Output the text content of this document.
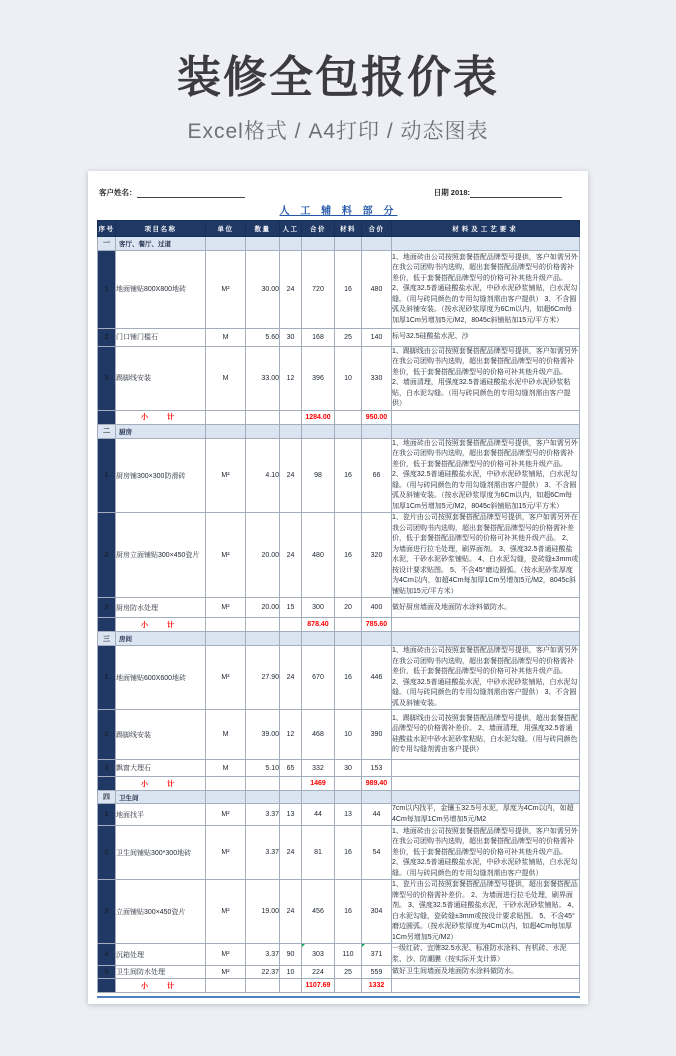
装修全包报价表
Excel格式 / A4打印 / 动态图表
客户姓名：	日期 2018:
人 工 辅 料 部 分
序号	项目名称	单位	数量	人工	合价	材料	合价	材料及工艺要求
一	客厅、餐厅、过道							
1	地面铺贴800X800地砖	M²	30.00	24	720	16	480	1、地面砖由公司按照套餐搭配品牌型号提供，客户如需另外在我公司团购书内选购，超出套餐搭配品牌型号的价格需补差价，低于套餐搭配品牌型号的价格可补其他升级产品。 2、强度32.5普通硅酸盐水泥，中砂水泥砂浆铺贴，白水泥勾缝。（用与砖同颜色的专用勾缝剂需由客户提供） 3、不含圆弧及斜铺安装。（按水泥砂浆厚度为6Cm以内，如超6Cm每加厚1Cm另增加5元/M2，8045c斜铺贴加15元/平方米）
2	门口铺门槛石	M	5.60	30	168	25	140	标号32.5硅酸盐水泥、沙
3	踢脚线安装	M	33.00	12	396	10	330	1、踢脚线由公司按照套餐搭配品牌型号提供，客户如需另外在我公司团购书内选购，超出套餐搭配品牌型号的价格需补差价，低于套餐搭配品牌型号的价格可补其他升级产品。 2、墙面清理，用强度32.5普通硅酸盐水泥中砂水泥砂浆粘贴，白水泥勾缝。（用与砖同颜色的专用勾缝剂需由客户提供）
	小　计				1284.00		950.00	
二	厨房							
1	厨房铺300×300防滑砖	M²	4.10	24	98	16	66	1、地面砖由公司按照套餐搭配品牌型号提供，客户如需另外在我公司团购书内选购，超出套餐搭配品牌型号的价格需补差价，低于套餐搭配品牌型号的价格可补其他升级产品。 2、强度32.5普通硅酸盐水泥，中砂水泥砂浆铺贴，白水泥勾缝。（用与砖同颜色的专用勾缝剂需由客户提供） 3、不含圆弧及斜铺安装。（按水泥砂浆厚度为6Cm以内，如超6Cm每加厚1Cm另增加5元/M2，8045c斜铺贴加15元/平方米）
2	厨房立面铺贴300×450瓷片	M²	20.00	24	480	16	320	1、瓷片由公司按照套餐搭配品牌型号提供，客户如需另外在我公司团购书内选购，超出套餐搭配品牌型号的价格需补差价，低于套餐搭配品牌型号的价格可补其他升级产品。 2、为墙面进行拉毛处理，刷界面剂。 3、强度32.5普通硅酸盐水泥，干砂水泥砂浆铺贴。 4、白水泥勾缝，瓷砖缝±3mm或按设计要求贴图。 5、不含45°磨边圆弧。（按水泥砂浆厚度为4Cm以内，如超4Cm每加厚1Cm另增加5元/M2，8045c斜铺贴加15元/平方米）
3	厨房防水处理	M²	20.00	15	300	20	400	做好厨房墙面及地面防水涂料做防水。
	小　计				878.40		785.60	
三	房间							
1	地面铺贴600X600地砖	M²	27.90	24	670	16	446	1、地面砖由公司按照套餐搭配品牌型号提供，客户如需另外在我公司团购书内选购，超出套餐搭配品牌型号的价格需补差价，低于套餐搭配品牌型号的价格可补其他升级产品。 2、强度32.5普通硅酸盐水泥，中砂水泥砂浆铺贴，白水泥勾缝。（用与砖同颜色的专用勾缝剂需由客户提供） 3、不含圆弧及斜铺安装。
2	踢脚线安装	M	39.00	12	468	10	390	1、踢脚线由公司按照套餐搭配品牌型号提供，超出套餐搭配品牌型号的价格需补差价。 2、墙面清理，用强度32.5普通硅酸盐水泥中砂水泥砂浆粘贴，白水泥勾缝。（用与砖同颜色的专用勾缝剂需由客户提供）
3	飘窗大理石	M	5.10	65	332	30	153	
	小　计				1469		989.40	
四	卫生间							
1	地面找平	M²	3.37	13	44	13	44	7cm以内找平，金镶玉32.5号水泥，厚度为4Cm以内，如超4Cm每加厚1Cm另增加5元/M2
2	卫生间铺贴300*300地砖	M²	3.37	24	81	16	54	1、地面砖由公司按照套餐搭配品牌型号提供，客户如需另外在我公司团购书内选购，超出套餐搭配品牌型号的价格需补差价，低于套餐搭配品牌型号的价格可补其他升级产品。 2、强度32.5普通硅酸盐水泥，中砂水泥砂浆铺贴，白水泥勾缝。（用与砖同颜色的专用勾缝剂需由客户提供）
3	立面铺贴300×450瓷片	M²	19.00	24	456	16	304	1、瓷片由公司按照套餐搭配品牌型号提供，超出套餐搭配品牌型号的价格需补差价。 2、为墙面进行拉毛处理，刷界面剂。 3、强度32.5普通硅酸盐水泥，干砂水泥砂浆铺贴。 4、白水泥勾缝，瓷砖缝±3mm或按设计要求贴图。 5、不含45°磨边圆弧。（按水泥砂浆厚度为4Cm以内，如超4Cm每加厚1Cm另增加5元/M2）
4	沉箱处理	M²	3.37	90	303	110	371	一级红砖、宜牌32.5水泥、标准防水涂料、有机砖、水泥浆、沙、防潮膜（按实际开支计算）
5	卫生间防水处理	M²	22.37	10	224	25	559	做好卫生间墙面及地面防水涂料做防水。
	小　计				1107.69		1332	
